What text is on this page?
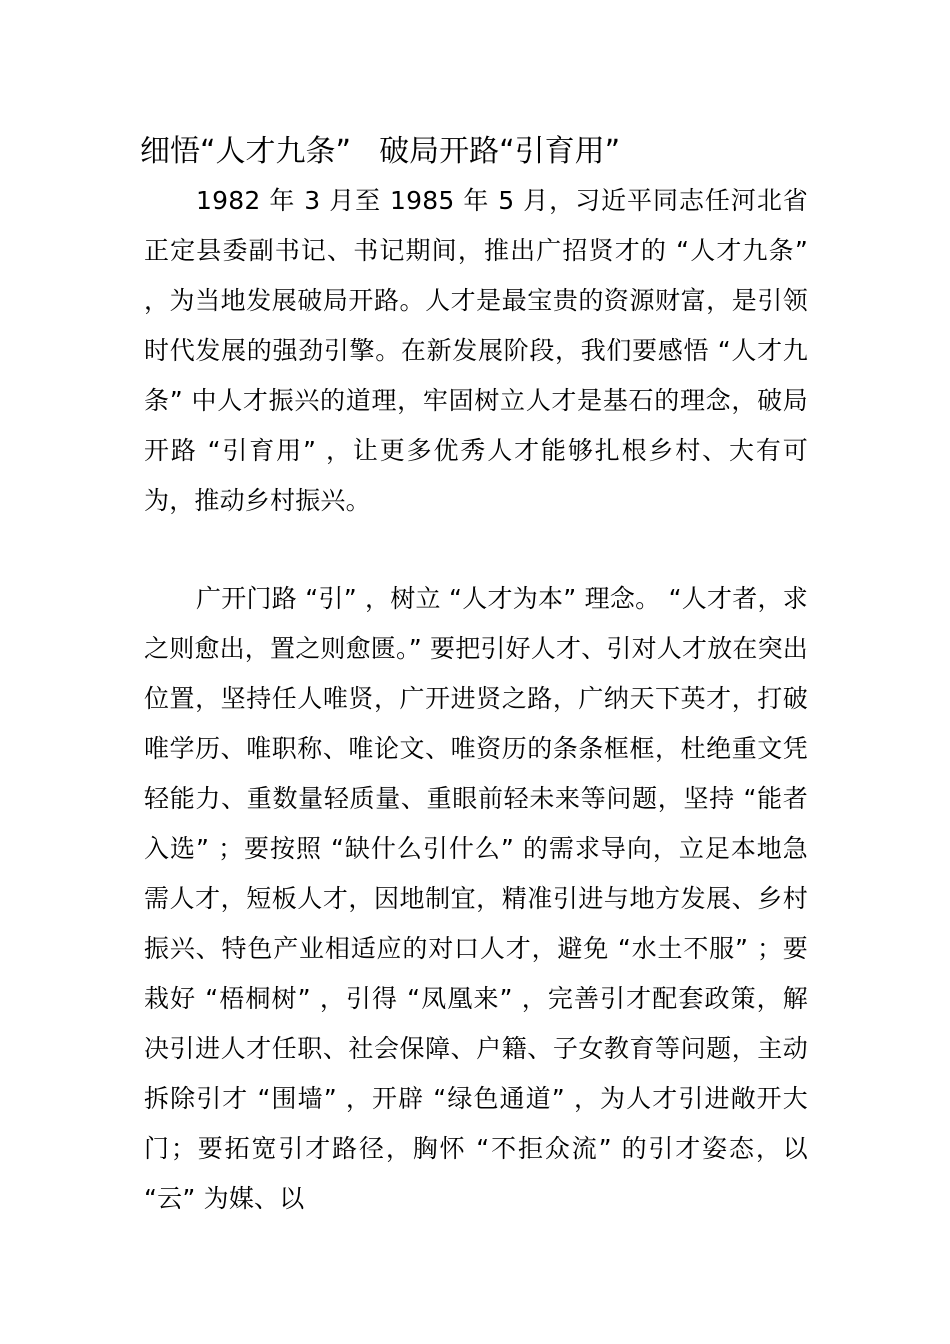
细悟“人才九条” 破局开路“引育用”

1982 年 3 月至 1985 年 5 月，习近平同志任河北省正定县委副书记、书记期间，推出广招贤才的 “人才九条” ，为当地发展破局开路。人才是最宝贵的资源财富，是引领时代发展的强劲引擎。在新发展阶段，我们要感悟 “人才九条” 中人才振兴的道理，牢固树立人才是基石的理念，破局开路 “引育用” ，让更多优秀人才能够扎根乡村、大有可为，推动乡村振兴。

广开门路 “引” ，树立 “人才为本” 理念。 “人才者，求之则愈出，置之则愈匮。” 要把引好人才、引对人才放在突出位置，坚持任人唯贤，广开进贤之路，广纳天下英才，打破唯学历、唯职称、唯论文、唯资历的条条框框，杜绝重文凭轻能力、重数量轻质量、重眼前轻未来等问题，坚持 “能者入选” ；要按照 “缺什么引什么” 的需求导向，立足本地急需人才，短板人才，因地制宜，精准引进与地方发展、乡村振兴、特色产业相适应的对口人才，避免 “水土不服” ；要栽好 “梧桐树” ，引得 “凤凰来” ，完善引才配套政策，解决引进人才任职、社会保障、户籍、子女教育等问题，主动拆除引才 “围墙” ，开辟 “绿色通道” ，为人才引进敞开大门；要拓宽引才路径，胸怀 “不拒众流” 的引才姿态，以 “云” 为媒、以
